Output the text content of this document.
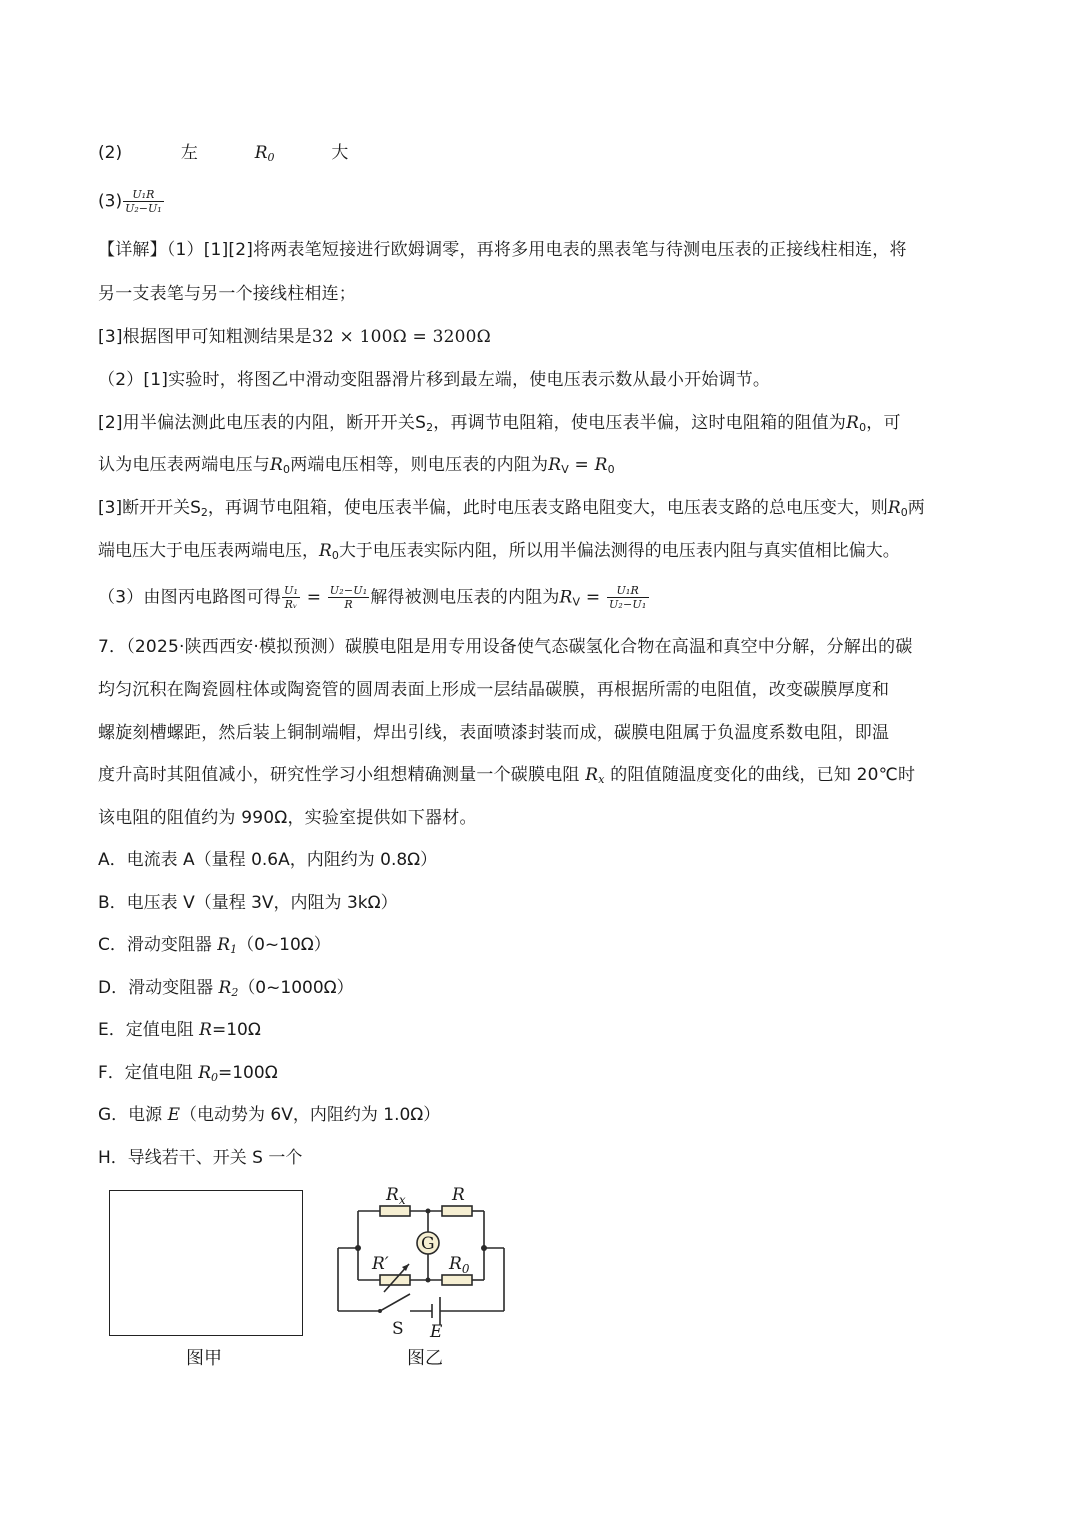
(2)	左	$R_0$	大
$(3) \frac{\text{U₁R}}{\text{U₂−U₁}}$
【详解】（1）[1][2]将两表笔短接进行欧姆调零，再将多用电表的黑表笔与待测电压表的正接线柱相连，将
另一支表笔与另一个接线柱相连；
[3]根据图甲可知粗测结果是32 × 100Ω = 3200Ω
（2）[1]实验时，将图乙中滑动变阻器滑片移到最左端，使电压表示数从最小开始调节。
[2]用半偏法测此电压表的内阻，断开开关$S_2$，再调节电阻箱，使电压表半偏，这时电阻箱的阻值为$R_0$，可
认为电压表两端电压与$R_0$两端电压相等，则电压表的内阻为$R_V = R_0$
[3]断开开关$S_2$，再调节电阻箱，使电压表半偏，此时电压表支路电阻变大，电压表支路的总电压变大，则$R_0$两
端电压大于电压表两端电压，$R_0$大于电压表实际内阻，所以用半偏法测得的电压表内阻与真实值相比偏大。
（3）由图丙电路图可得 $\frac{\text{U₁}}{\text{Rᵥ}} = \frac{\text{U₂−U₁}}{R}$ 解得被测电压表的内阻为$R_V = \frac{\text{U₁R}}{\text{U₂−U₁}}$
7．（2025·陕西西安·模拟预测）碳膜电阻是用专用设备使气态碳氢化合物在高温和真空中分解，分解出的碳
均匀沉积在陶瓷圆柱体或陶瓷管的圆周表面上形成一层结晶碳膜，再根据所需的电阻值，改变碳膜厚度和
螺旋刻槽螺距，然后装上铜制端帽，焊出引线，表面喷漆封装而成，碳膜电阻属于负温度系数电阻，即温
度升高时其阻值减小，研究性学习小组想精确测量一个碳膜电阻 $R_x$ 的阻值随温度变化的曲线，已知 20℃时
该电阻的阻值约为 990Ω，实验室提供如下器材。
A．电流表 A（量程 0.6A，内阻约为 0.8Ω）
B．电压表 V（量程 3V，内阻为 3kΩ）
C．滑动变阻器 $R_1(0\sim 10\Omega)$
D．滑动变阻器 $R_2(0\sim 1000\Omega)$
E．定值电阻 R=10Ω
F．定值电阻 $R_0=100\Omega$
G．电源 E（电动势为 6V，内阻约为 1.0Ω）
H．导线若干、开关 S 一个
图甲
$R_x$	R
G
R′	$R_0$
S E
图乙
